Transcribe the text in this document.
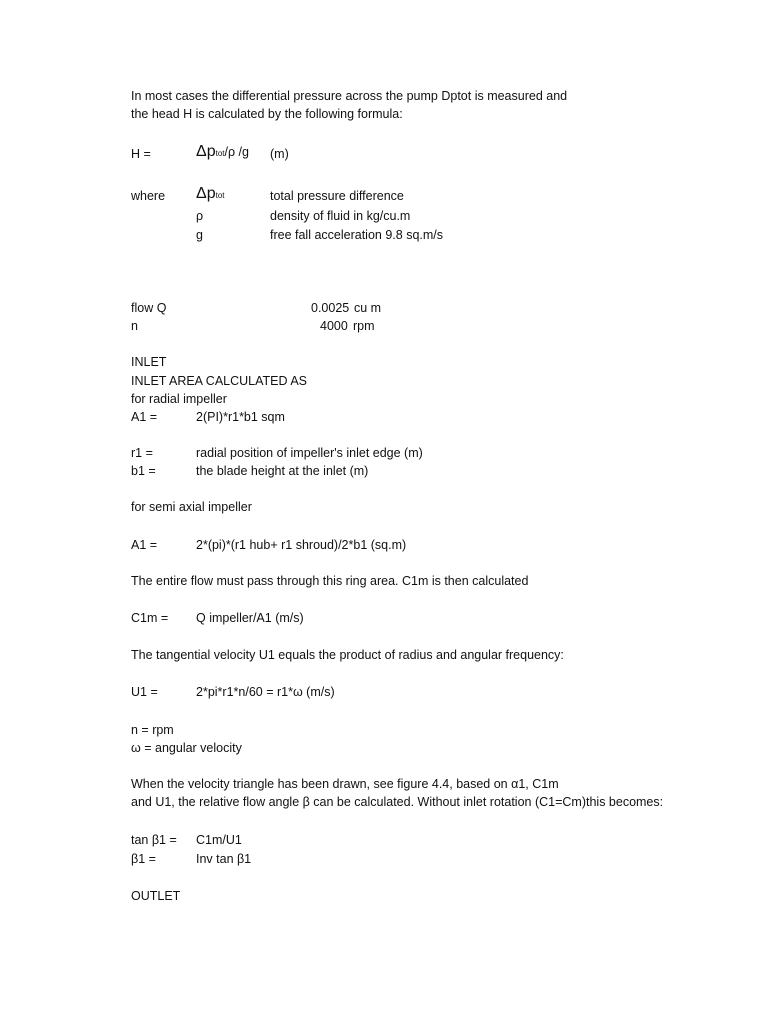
In most cases the differential pressure across the pump Dptot is measured and
the head H is calculated by the following formula:
H =	Δptot/ρ /g (m)
where Δptot	total pressure difference
ρ	density of fluid in kg/cu.m
g	free fall acceleration 9.8 sq.m/s
flow Q	0.0025 cu m
n	4000 rpm
INLET
INLET AREA CALCULATED AS
for radial impeller
A1 =	2(PI)*r1*b1 sqm
r1 =	radial position of impeller's inlet edge (m)
b1 =	the blade height at the inlet (m)
for semi axial impeller
A1 =	2*(pi)*(r1 hub+ r1 shroud)/2*b1 (sq.m)
The entire flow must pass through this ring area. C1m is then calculated
C1m = Q impeller/A1 (m/s)
The tangential velocity U1 equals the product of radius and angular frequency:
U1 =	2*pi*r1*n/60 = r1*ω (m/s)
n = rpm
ω = angular velocity
When the velocity triangle has been drawn, see figure 4.4, based on α1, C1m
and U1, the relative flow angle β can be calculated. Without inlet rotation (C1=Cm)this becomes:
tan β1 = C1m/U1
β1 =	Inv tan β1
OUTLET
